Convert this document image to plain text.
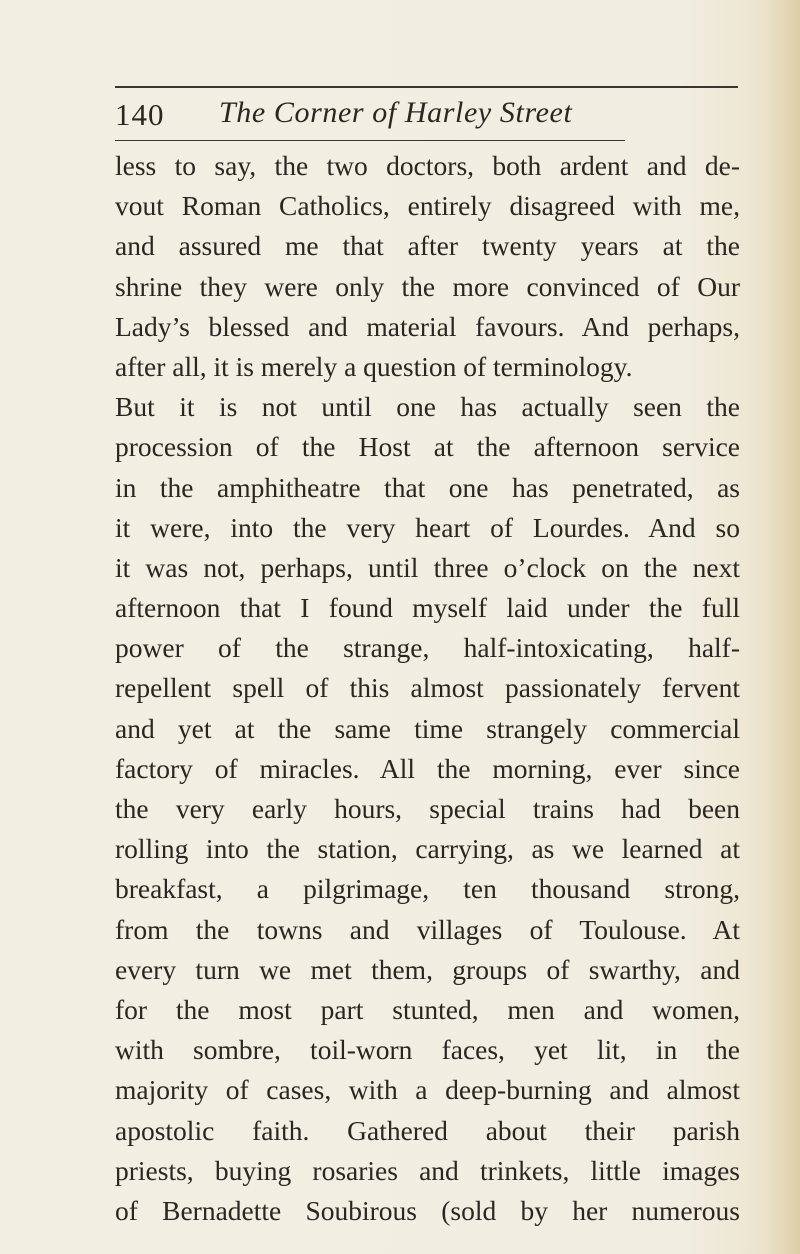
140 The Corner of Harley Street
less to say, the two doctors, both ardent and de-
vout Roman Catholics, entirely disagreed with me,
and assured me that after twenty years at the
shrine they were only the more convinced of Our
Lady’s blessed and material favours. And perhaps,
after all, it is merely a question of terminology.
But it is not until one has actually seen the
procession of the Host at the afternoon service
in the amphitheatre that one has penetrated, as
it were, into the very heart of Lourdes. And so
it was not, perhaps, until three o’clock on the next
afternoon that I found myself laid under the full
power of the strange, half-intoxicating, half-
repellent spell of this almost passionately fervent
and yet at the same time strangely commercial
factory of miracles. All the morning, ever since
the very early hours, special trains had been
rolling into the station, carrying, as we learned at
breakfast, a pilgrimage, ten thousand strong,
from the towns and villages of Toulouse. At
every turn we met them, groups of swarthy, and
for the most part stunted, men and women,
with sombre, toil-worn faces, yet lit, in the
majority of cases, with a deep-burning and almost
apostolic faith. Gathered about their parish
priests, buying rosaries and trinkets, little images
of Bernadette Soubirous (sold by her numerous
